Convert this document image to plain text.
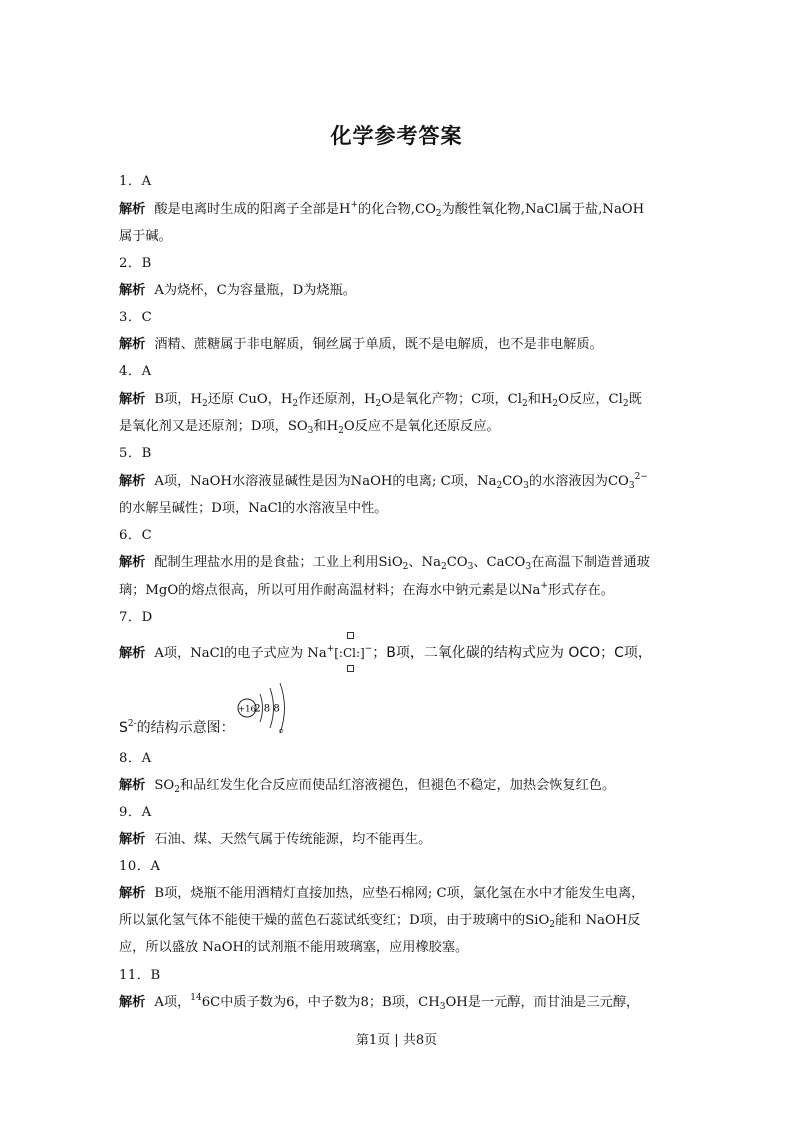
化学参考答案
1．A
解析 酸是电离时生成的阳离子全部是H+的化合物$,CO_2$为酸性氧化物,NaCl属于盐,NaOH
属于碱。
2．B
解析 A为烧杯，C为容量瓶，D为烧瓶。
3．C
解析 酒精、蔗糖属于非电解质，铜丝属于单质，既不是电解质，也不是非电解质。
4．A
解析 B项，$H_2$还原 CuO，$H_2$作还原剂，$H_2O$是氧化产物；C项，$Cl_2$和$H_2O$反应，$Cl_2$既
是氧化剂又是还原剂；D项，$SO_3$和$H_2O$反应不是氧化还原反应。
5．B
解析 A项，NaOH水溶液显碱性是因为NaOH的电离; C项，$Na_2CO_3$的水溶液因为$CO_3^{2-}$
的水解呈碱性；D项，NaCl的水溶液呈中性。
6．C
解析 配制生理盐水用的是食盐；工业上利用SiO$_2$、$Na_2CO_3$、CaCO$_3$在高温下制造普通玻
璃；MgO的熔点很高，所以可用作耐高温材料；在海水中钠元素是以Na+形式存在。
7．D
解析 A项，NaCl的电子式应为 Na+[:Cl:]−；B项，二氧化碳的结构式应为 OCO；C项，
+16
2 8 8
$S^{2-}$的结构示意图：	。
8．A
解析 $SO_2$和品红发生化合反应而使品红溶液褪色，但褪色不稳定，加热会恢复红色。
9．A
解析 石油、煤、天然气属于传统能源，均不能再生。
10．A
解析 B项，烧瓶不能用酒精灯直接加热，应垫石棉网; C项，氯化氢在水中才能发生电离，
所以氯化氢气体不能使干燥的蓝色石蕊试纸变红；D项，由于玻璃中的SiO$_2$能和 NaOH反
应，所以盛放 NaOH的试剂瓶不能用玻璃塞，应用橡胶塞。
11．B
解析 A项，$^{14}$6C中质子数为6，中子数为8；B项，$CH_3OH$是一元醇，而甘油是三元醇，
第1页 | 共8页
